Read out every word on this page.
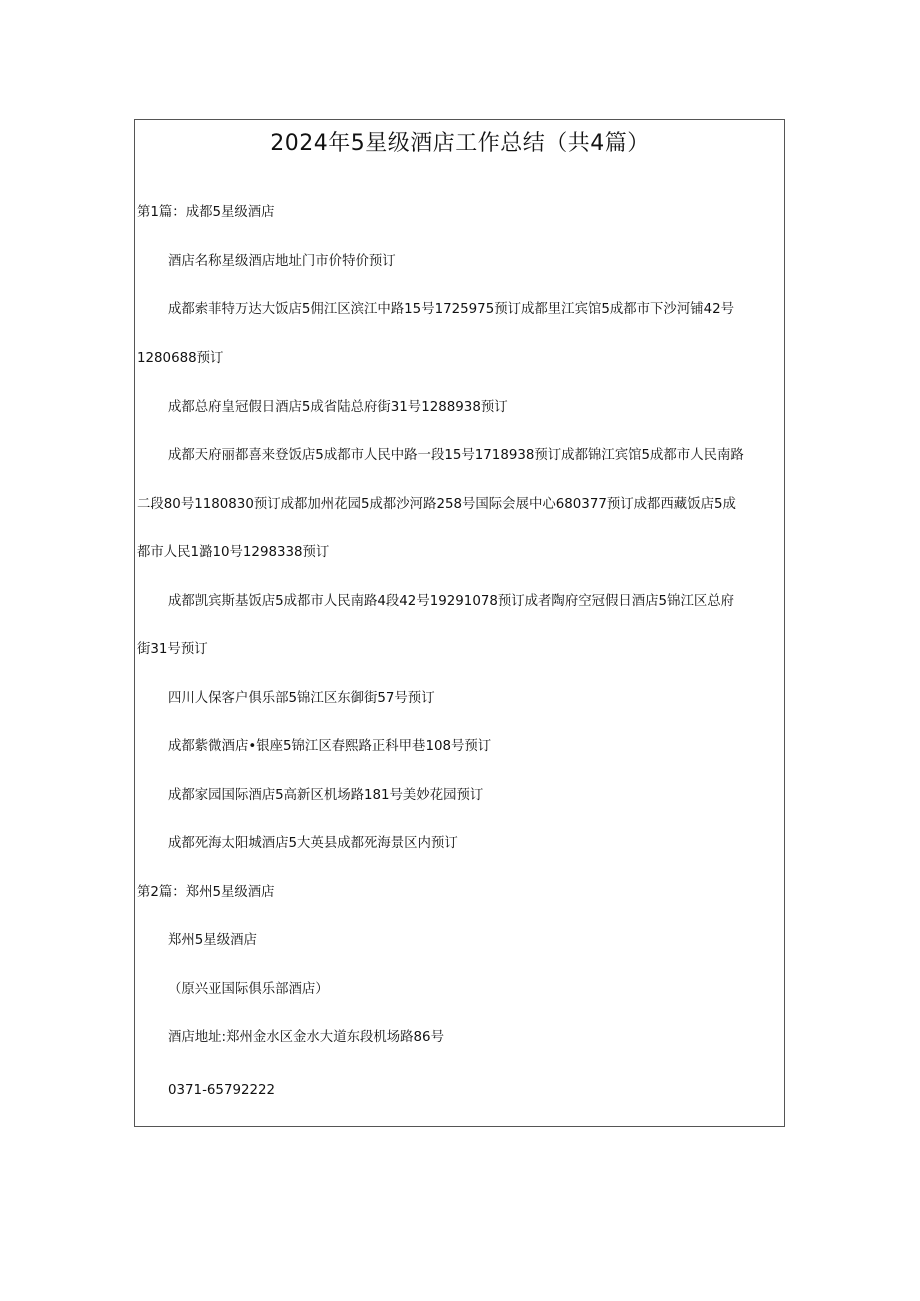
2024年5星级酒店工作总结（共4篇）
第1篇：成都5星级酒店
酒店名称星级酒店地址门市价特价预订
成都索菲特万达大饭店5佣江区滨江中路15号1725975预订成都里江宾馆5成都市下沙河铺42号
1280688预订
成都总府皇冠假日酒店5成省陆总府街31号1288938预订
成都天府丽都喜来登饭店5成都市人民中路一段15号1718938预订成都锦江宾馆5成都市人民南路
二段80号1180830预订成都加州花园5成都沙河路258号国际会展中心680377预订成都西藏饭店5成
都市人民1潞10号1298338预订
成都凯宾斯基饭店5成都市人民南路4段42号19291078预订成者陶府空冠假日酒店5锦江区总府
街31号预订
四川人保客户俱乐部5锦江区东御街57号预订
成都紫微酒店•银座5锦江区春熙路正科甲巷108号预订
成都家园国际酒店5高新区机场路181号美妙花园预订
成都死海太阳城酒店5大英县成都死海景区内预订
第2篇：郑州5星级酒店
郑州5星级酒店
（原兴亚国际俱乐部酒店）
酒店地址:郑州金水区金水大道东段机场路86号
0371-65792222
